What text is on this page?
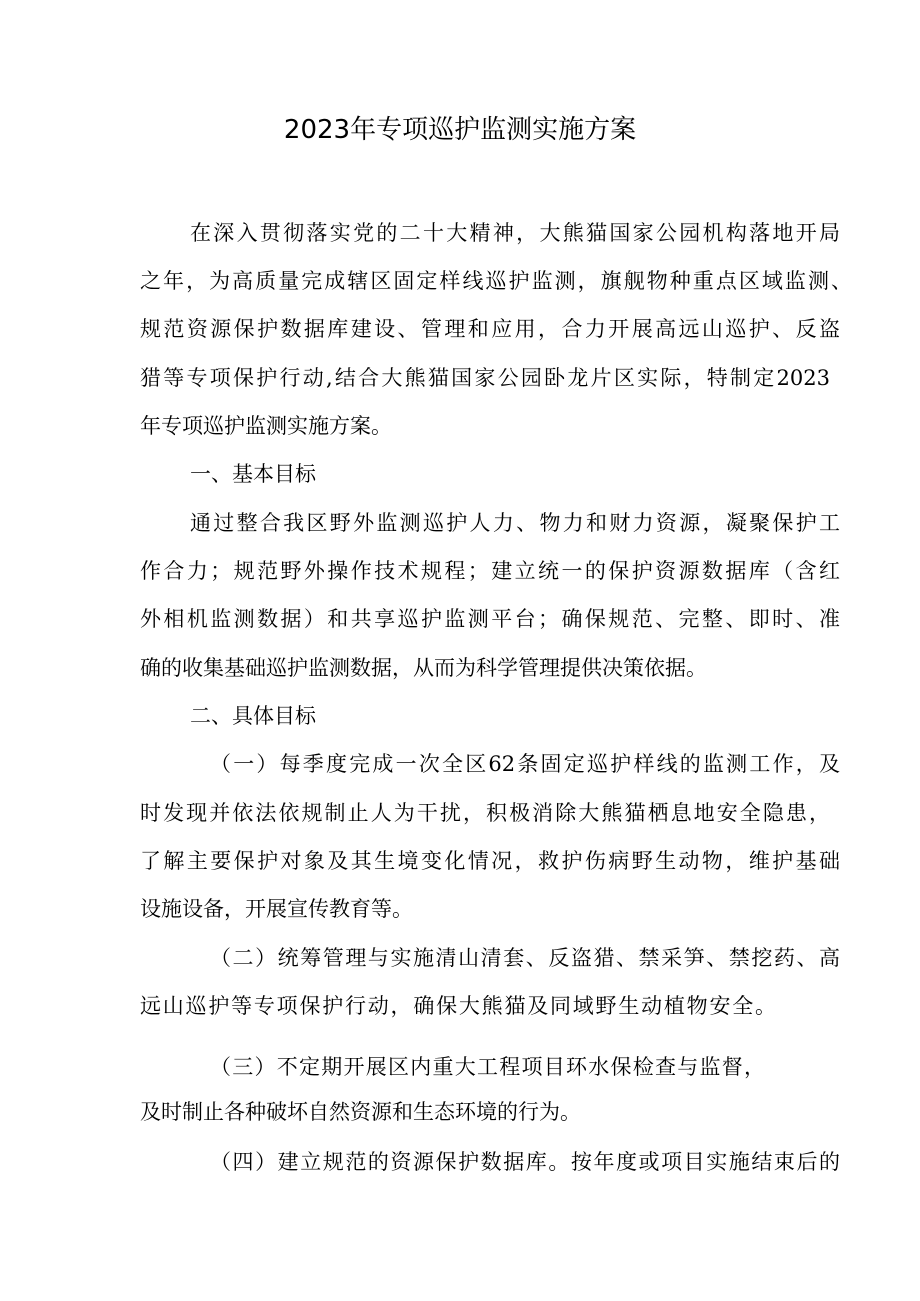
2023年专项巡护监测实施方案
在深入贯彻落实党的二十大精神，大熊猫国家公园机构落地开局
之年，为高质量完成辖区固定样线巡护监测，旗舰物种重点区域监测、
规范资源保护数据库建设、管理和应用，合力开展高远山巡护、反盗
猎等专项保护行动,结合大熊猫国家公园卧龙片区实际，特制定2023
年专项巡护监测实施方案。
一、基本目标
通过整合我区野外监测巡护人力、物力和财力资源，凝聚保护工
作合力；规范野外操作技术规程；建立统一的保护资源数据库（含红
外相机监测数据）和共享巡护监测平台；确保规范、完整、即时、准
确的收集基础巡护监测数据，从而为科学管理提供决策依据。
二、具体目标
（一）每季度完成一次全区62条固定巡护样线的监测工作，及
时发现并依法依规制止人为干扰，积极消除大熊猫栖息地安全隐患，
了解主要保护对象及其生境变化情况，救护伤病野生动物，维护基础
设施设备，开展宣传教育等。
（二）统筹管理与实施清山清套、反盗猎、禁采笋、禁挖药、高
远山巡护等专项保护行动，确保大熊猫及同域野生动植物安全。
（三）不定期开展区内重大工程项目环水保检查与监督，
及时制止各种破坏自然资源和生态环境的行为。
（四）建立规范的资源保护数据库。按年度或项目实施结束后的
